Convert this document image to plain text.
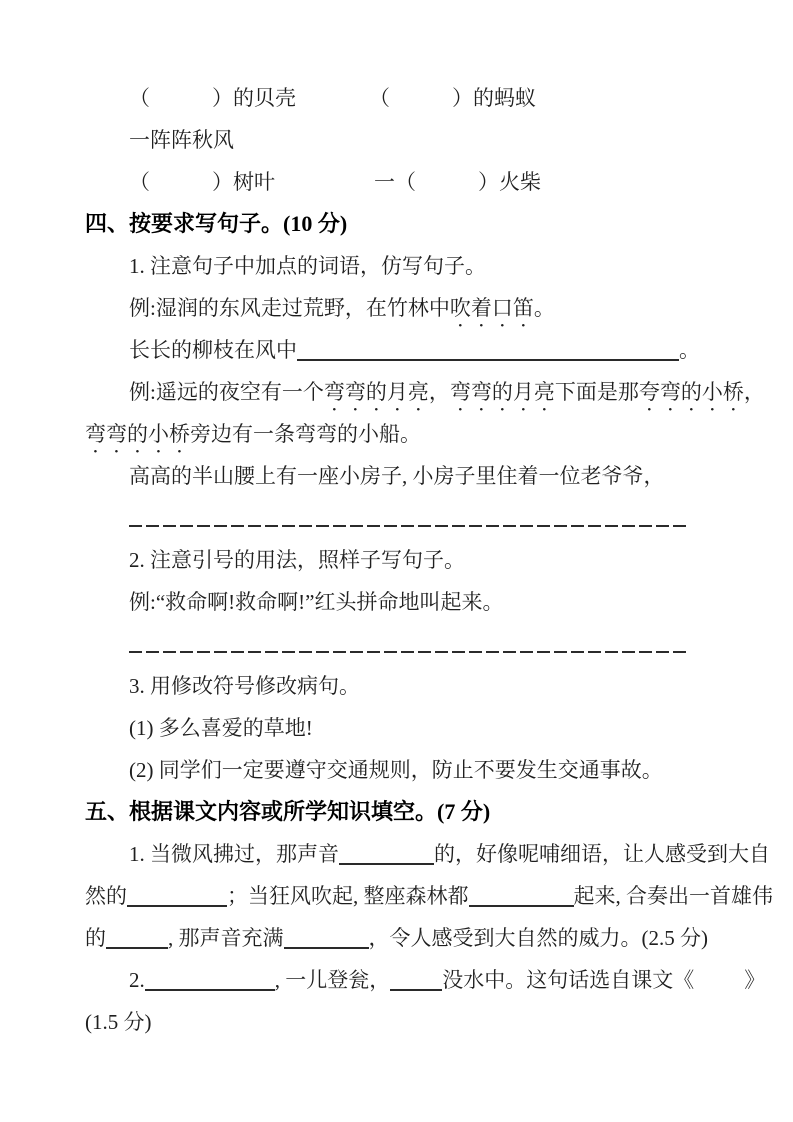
（	）的贝壳	（	）的蚂蚁
一阵阵秋风
（	）树叶	一（	）火柴
四、按要求写句子。(10 分)
1. 注意句子中加点的词语，仿写句子。
例:湿润的东风走过荒野，在竹林中吹着口笛。
长长的柳枝在风中	。
例:遥远的夜空有一个弯弯的月亮，弯弯的月亮下面是那夸弯的小桥，
弯弯的小桥旁边有一条弯弯的小船。
高高的半山腰上有一座小房子, 小房子里住着一位老爷爷，
2. 注意引号的用法，照样子写句子。
例:“救命啊!救命啊!”红头拼命地叫起来。
3. 用修改符号修改病句。
(1) 多么喜爱的草地!
(2) 同学们一定要遵守交通规则，防止不要发生交通事故。
五、根据课文内容或所学知识填空。(7 分)
1. 当微风拂过，那声音	的，好像呢哺细语，让人感受到大自
然的	；当狂风吹起, 整座森林都	起来, 合奏出一首雄伟
的	, 那声音充满	，令人感受到大自然的威力。(2.5 分)
2.	, 一儿登瓮， 没水中。这句话选自课文《 》
(1.5 分)
